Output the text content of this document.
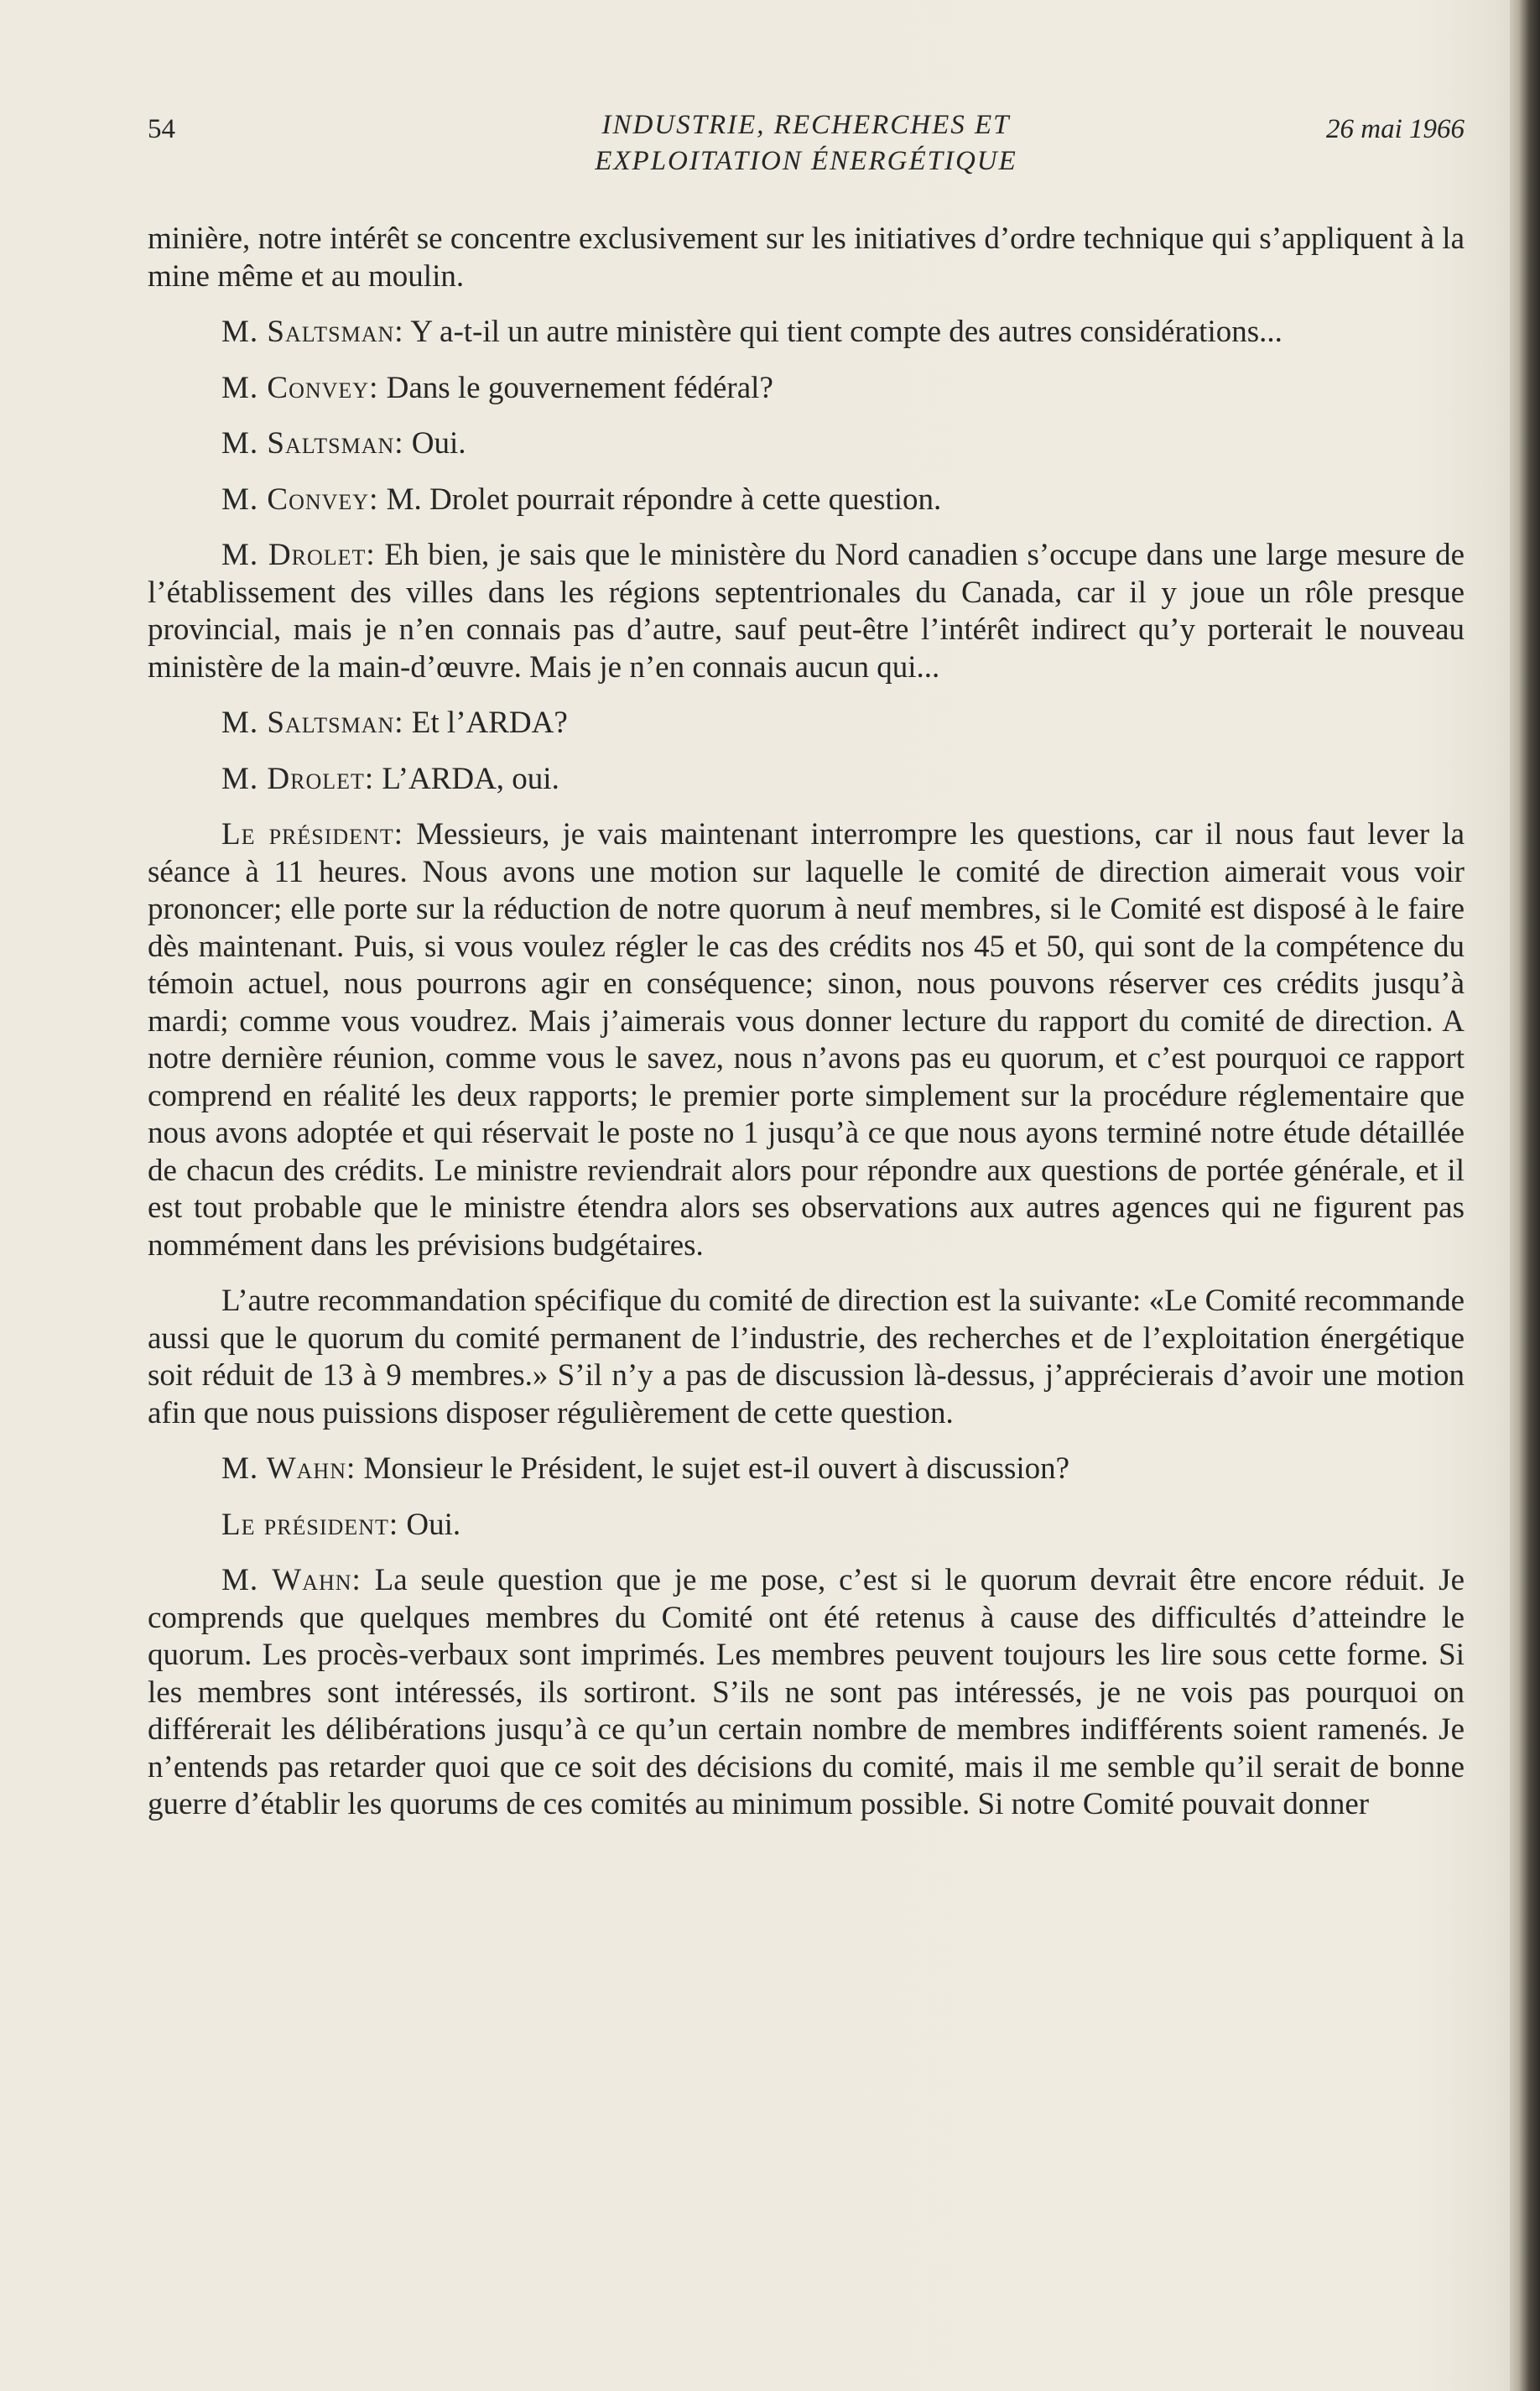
54	INDUSTRIE, RECHERCHES ET
EXPLOITATION ÉNERGÉTIQUE
26 mai 1966

minière, notre intérêt se concentre exclusivement sur les initiatives d’ordre technique qui s’appliquent à la mine même et au moulin.

M. Saltsman: Y a-t-il un autre ministère qui tient compte des autres considérations...

M. Convey: Dans le gouvernement fédéral?

M. Saltsman: Oui.

M. Convey: M. Drolet pourrait répondre à cette question.

M. Drolet: Eh bien, je sais que le ministère du Nord canadien s’occupe dans une large mesure de l’établissement des villes dans les régions septentrionales du Canada, car il y joue un rôle presque provincial, mais je n’en connais pas d’autre, sauf peut-être l’intérêt indirect qu’y porterait le nouveau ministère de la main-d’œuvre. Mais je n’en connais aucun qui...

M. Saltsman: Et l’ARDA?

M. Drolet: L’ARDA, oui.

Le président: Messieurs, je vais maintenant interrompre les questions, car il nous faut lever la séance à 11 heures. Nous avons une motion sur laquelle le comité de direction aimerait vous voir prononcer; elle porte sur la réduction de notre quorum à neuf membres, si le Comité est disposé à le faire dès maintenant. Puis, si vous voulez régler le cas des crédits nos 45 et 50, qui sont de la compétence du témoin actuel, nous pourrons agir en conséquence; sinon, nous pouvons réserver ces crédits jusqu’à mardi; comme vous voudrez. Mais j’aimerais vous donner lecture du rapport du comité de direction. A notre dernière réunion, comme vous le savez, nous n’avons pas eu quorum, et c’est pourquoi ce rapport comprend en réalité les deux rapports; le premier porte simplement sur la procédure réglementaire que nous avons adoptée et qui réservait le poste no 1 jusqu’à ce que nous ayons terminé notre étude détaillée de chacun des crédits. Le ministre reviendrait alors pour répondre aux questions de portée générale, et il est tout probable que le ministre étendra alors ses observations aux autres agences qui ne figurent pas nommément dans les prévisions budgétaires.

L’autre recommandation spécifique du comité de direction est la suivante: «Le Comité recommande aussi que le quorum du comité permanent de l’industrie, des recherches et de l’exploitation énergétique soit réduit de 13 à 9 membres.» S’il n’y a pas de discussion là-dessus, j’apprécierais d’avoir une motion afin que nous puissions disposer régulièrement de cette question.

M. Wahn: Monsieur le Président, le sujet est-il ouvert à discussion?

Le président: Oui.

M. Wahn: La seule question que je me pose, c’est si le quorum devrait être encore réduit. Je comprends que quelques membres du Comité ont été retenus à cause des difficultés d’atteindre le quorum. Les procès-verbaux sont imprimés. Les membres peuvent toujours les lire sous cette forme. Si les membres sont intéressés, ils sortiront. S’ils ne sont pas intéressés, je ne vois pas pourquoi on différerait les délibérations jusqu’à ce qu’un certain nombre de membres indifférents soient ramenés. Je n’entends pas retarder quoi que ce soit des décisions du comité, mais il me semble qu’il serait de bonne guerre d’établir les quorums de ces comités au minimum possible. Si notre Comité pouvait donner
